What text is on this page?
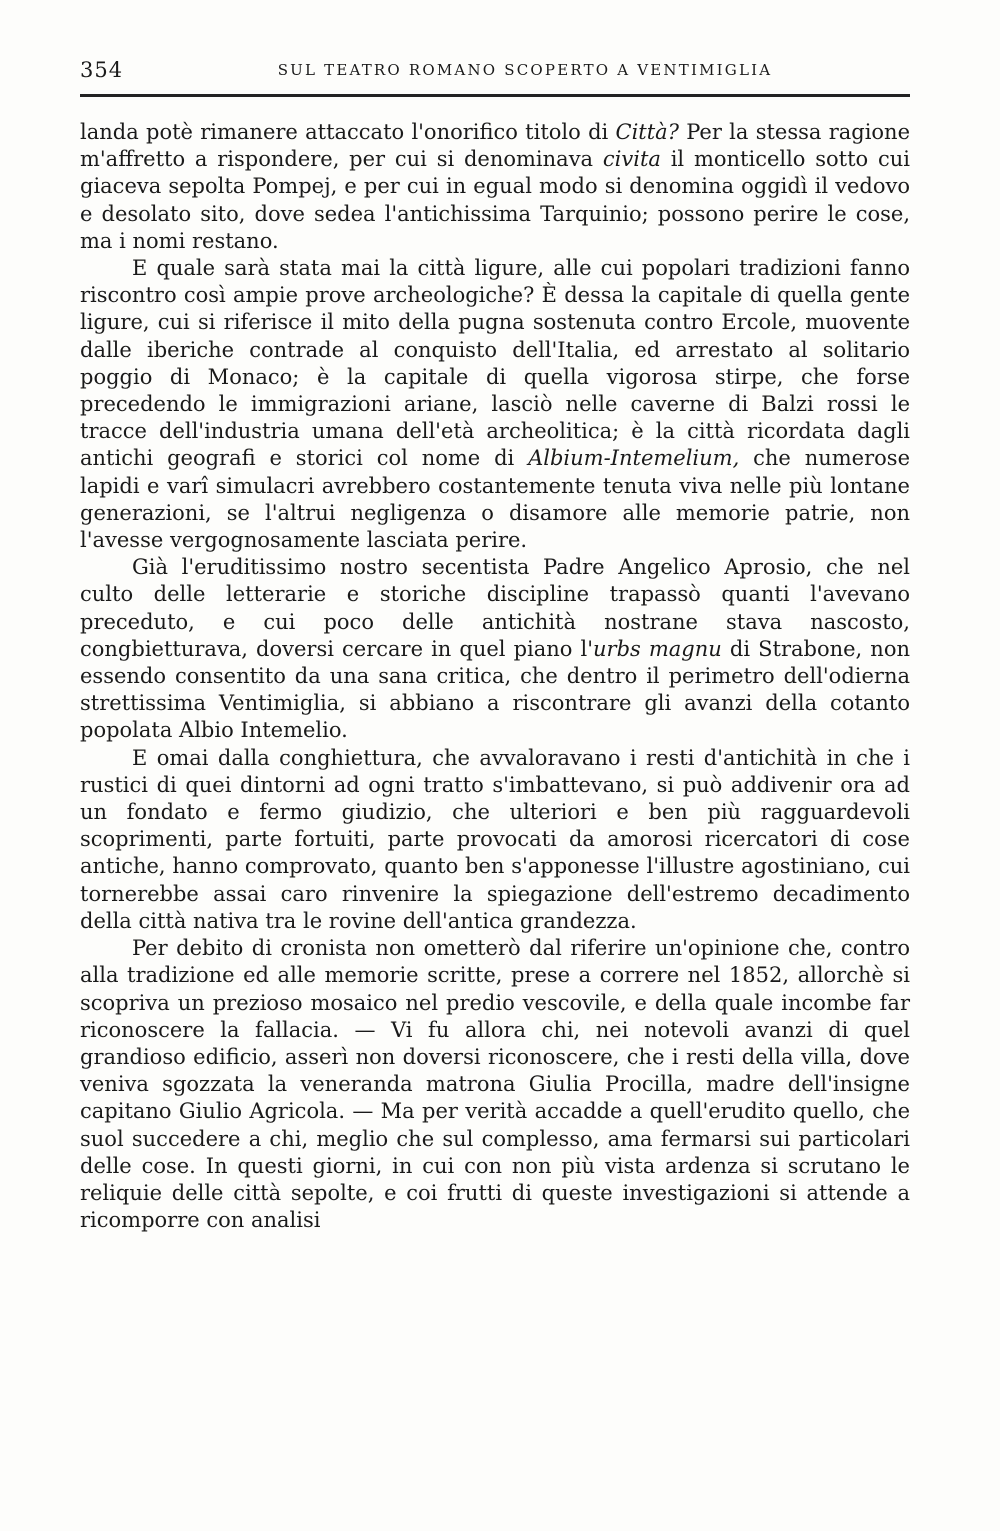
354	SUL TEATRO ROMANO SCOPERTO A VENTIMIGLIA

landa potè rimanere attaccato l'onorifico titolo di Città? Per la stessa ragione m'affretto a rispondere, per cui si denominava civita il monticello sotto cui giaceva sepolta Pompej, e per cui in egual modo si denomina oggidì il vedovo e desolato sito, dove sedea l'antichissima Tarquinio; possono perire le cose, ma i nomi restano.

E quale sarà stata mai la città ligure, alle cui popolari tradizioni fanno riscontro così ampie prove archeologiche? È dessa la capitale di quella gente ligure, cui si riferisce il mito della pugna sostenuta contro Ercole, muovente dalle iberiche contrade al conquisto dell'Italia, ed arrestato al solitario poggio di Monaco; è la capitale di quella vigorosa stirpe, che forse precedendo le immigrazioni ariane, lasciò nelle caverne di Balzi rossi le tracce dell'industria umana dell'età archeolitica; è la città ricordata dagli antichi geografi e storici col nome di Albium-Intemelium, che numerose lapidi e varî simulacri avrebbero costantemente tenuta viva nelle più lontane generazioni, se l'altrui negligenza o disamore alle memorie patrie, non l'avesse vergognosamente lasciata perire.

Già l'eruditissimo nostro secentista Padre Angelico Aprosio, che nel culto delle letterarie e storiche discipline trapassò quanti l'avevano preceduto, e cui poco delle antichità nostrane stava nascosto, congbietturava, doversi cercare in quel piano l'urbs magnu di Strabone, non essendo consentito da una sana critica, che dentro il perimetro dell'odierna strettissima Ventimiglia, si abbiano a riscontrare gli avanzi della cotanto popolata Albio Intemelio.

E omai dalla conghiettura, che avvaloravano i resti d'antichità in che i rustici di quei dintorni ad ogni tratto s'imbattevano, si può addivenir ora ad un fondato e fermo giudizio, che ulteriori e ben più ragguardevoli scoprimenti, parte fortuiti, parte provocati da amorosi ricercatori di cose antiche, hanno comprovato, quanto ben s'apponesse l'illustre agostiniano, cui tornerebbe assai caro rinvenire la spiegazione dell'estremo decadimento della città nativa tra le rovine dell'antica grandezza.

Per debito di cronista non ometterò dal riferire un'opinione che, contro alla tradizione ed alle memorie scritte, prese a correre nel 1852, allorchè si scopriva un prezioso mosaico nel predio vescovile, e della quale incombe far riconoscere la fallacia. — Vi fu allora chi, nei notevoli avanzi di quel grandioso edificio, asserì non doversi riconoscere, che i resti della villa, dove veniva sgozzata la veneranda matrona Giulia Procilla, madre dell'insigne capitano Giulio Agricola. — Ma per verità accadde a quell'erudito quello, che suol succedere a chi, meglio che sul complesso, ama fermarsi sui particolari delle cose. In questi giorni, in cui con non più vista ardenza si scrutano le reliquie delle città sepolte, e coi frutti di queste investigazioni si attende a ricomporre con analisi
